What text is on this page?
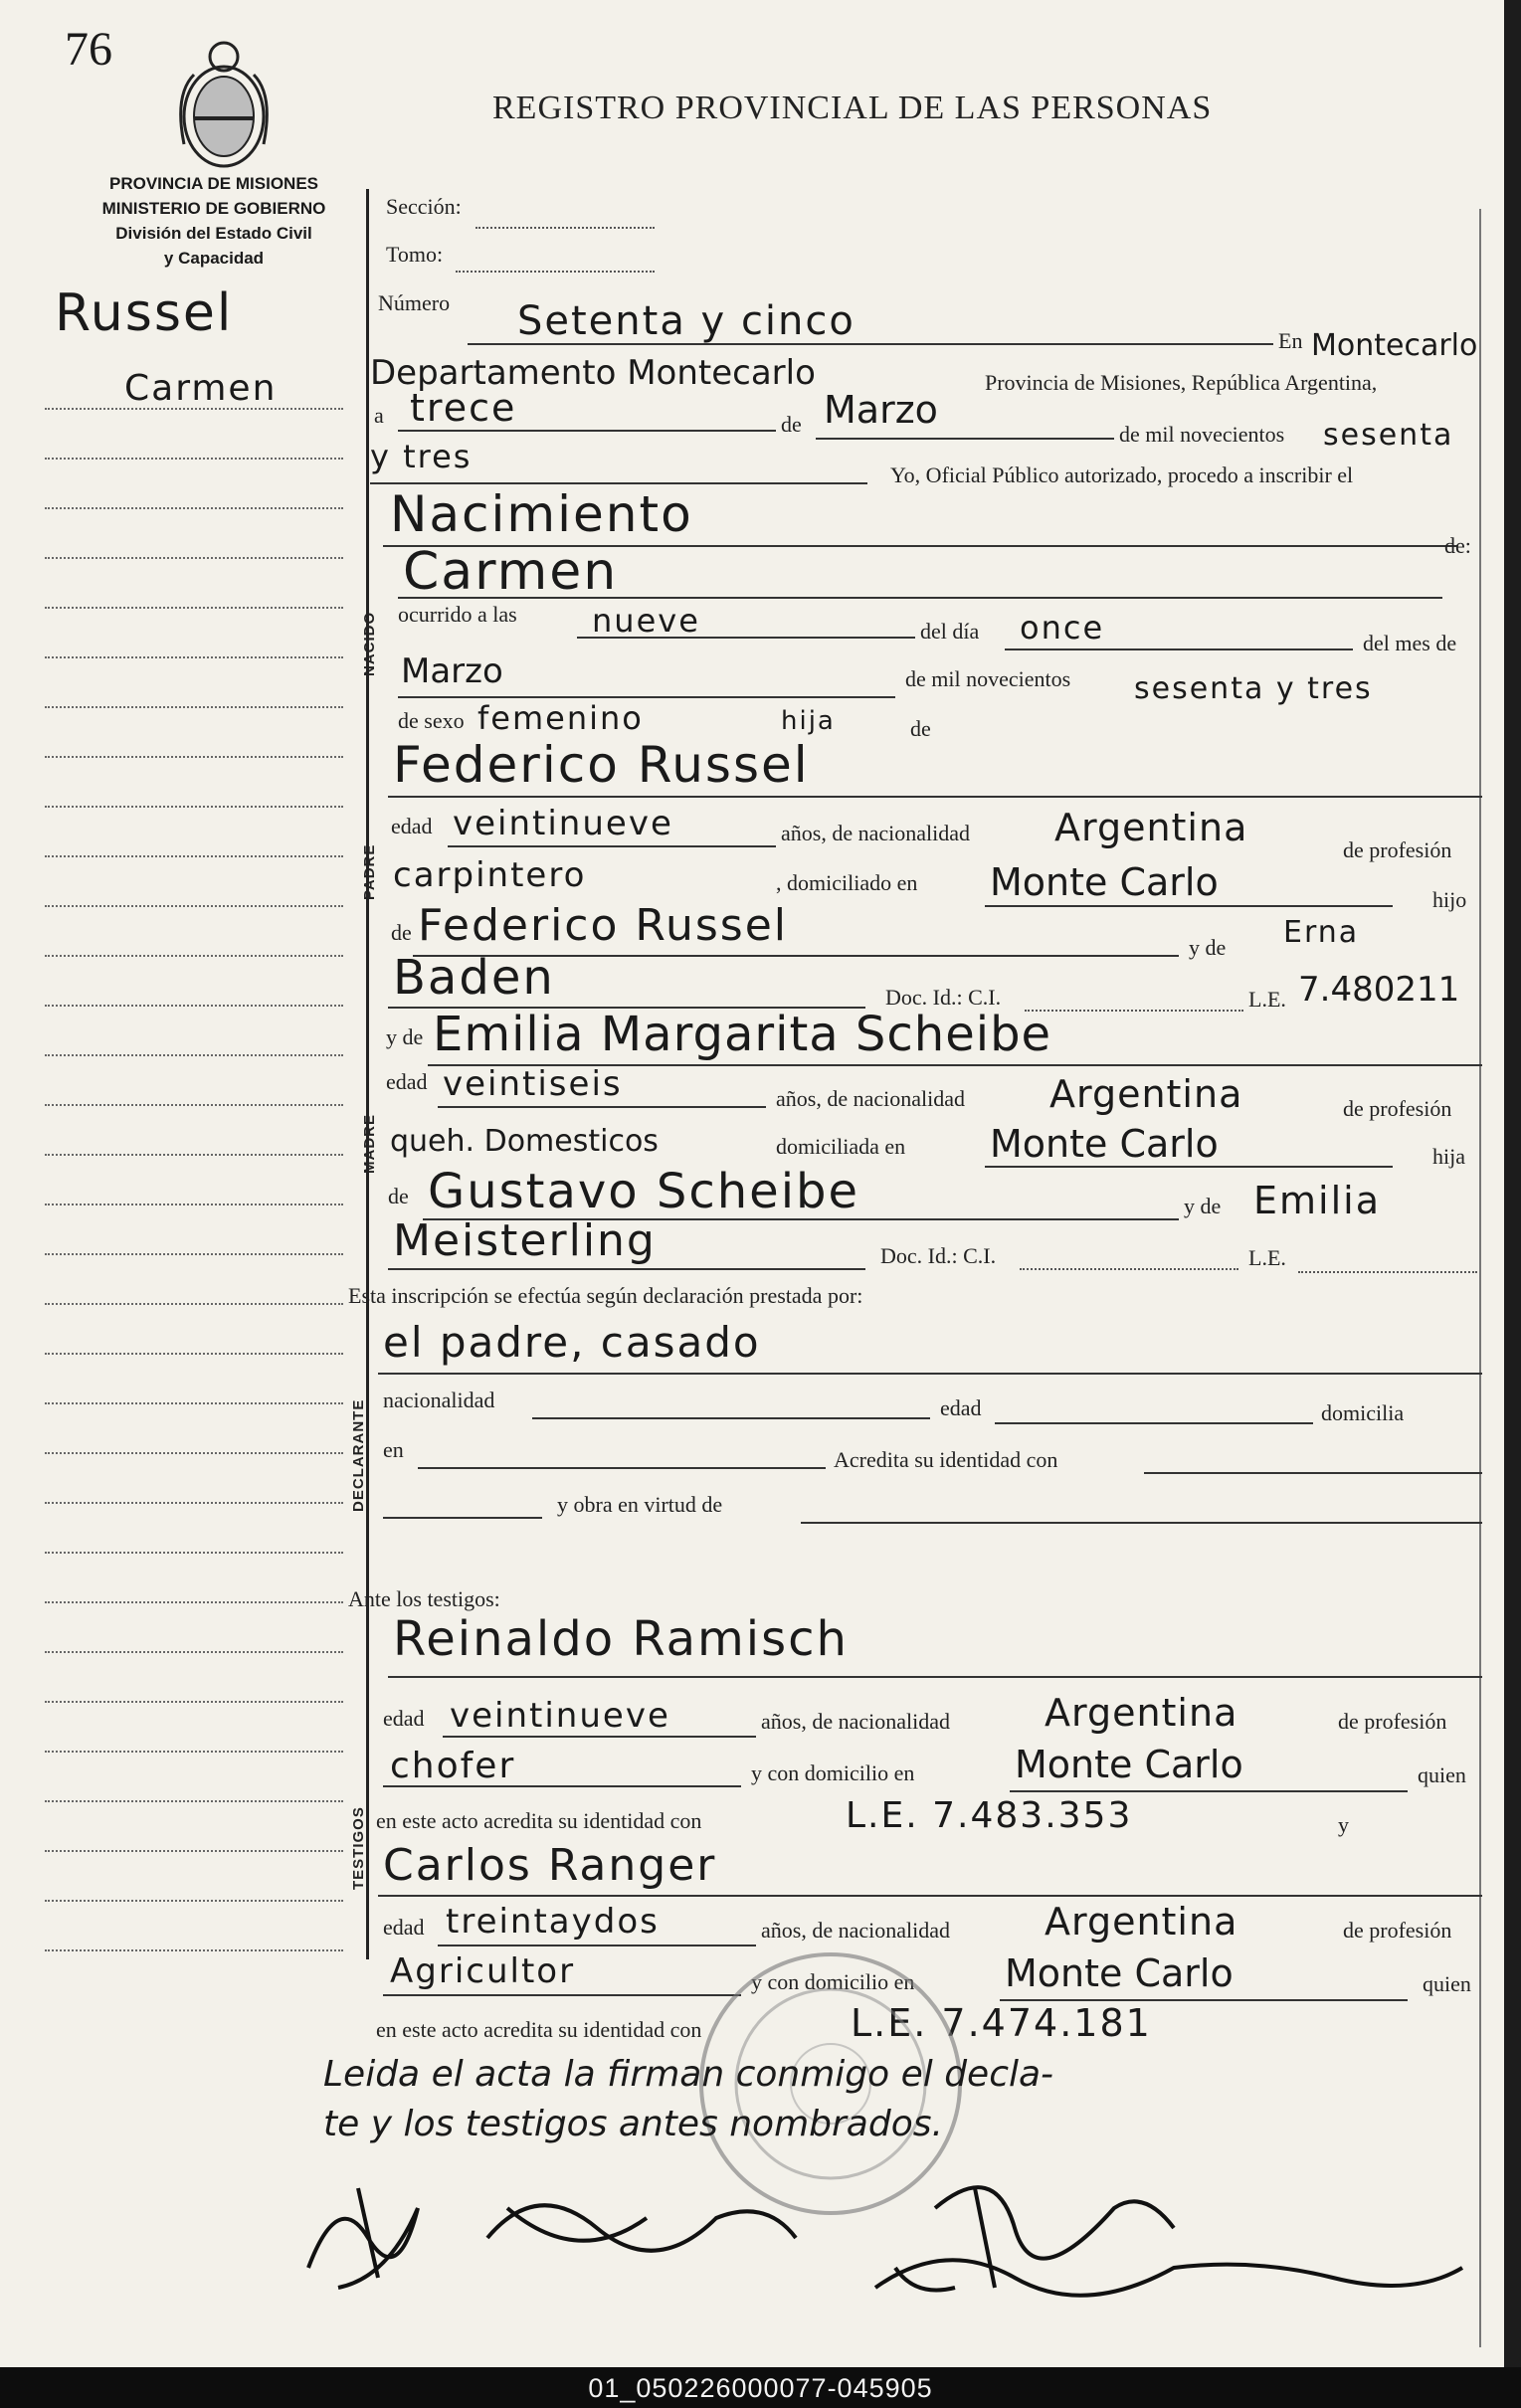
76
REGISTRO PROVINCIAL DE LAS PERSONAS
PROVINCIA DE MISIONES
MINISTERIO DE GOBIERNO
División del Estado Civil
y Capacidad
Russel
Carmen
Sección:
Tomo:
Número Setenta y cinco	En Montecarlo
Departamento Montecarlo	Provincia de Misiones, República Argentina,
a trece	de Marzo
de mil novecientos sesenta
y tres	Yo, Oficial Público autorizado, procedo a inscribir el
Nacimiento
NACIDO
Carmen	de:
ocurrido a las nueve	del día once	del mes de
Marzo	de mil novecientos sesenta y tres
de sexo femenino	hija	de
PADRE
Federico Russel
edad veintinueve	años, de nacionalidad Argentina
de profesión
carpintero	, domiciliado en Monte Carlo	hijo
de Federico Russel	y de Erna
Baden	Doc. Id.: C.I.	L.E. 7.480211
MADRE
y de Emilia Margarita Scheibe
edad veintiseis	años, de nacionalidad Argentina	de profesión
queh. Domesticos	domiciliada en Monte Carlo	hija
de Gustavo Scheibe	y de Emilia
Meisterling	Doc. Id.: C.I.	L.E.
Esta inscripción se efectúa según declaración prestada por:
DECLARANTE
el padre, casado
nacionalidad	edad	domicilia
en	Acredita su identidad con
y obra en virtud de
Ante los testigos:
TESTIGOS
Reinaldo Ramisch
edad veintinueve	años, de nacionalidad	Argentina	de profesión
chofer	y con domicilio en	Monte Carlo	quien
en este acto acredita su identidad con	L.E. 7.483.353	y
Carlos Ranger
edad treintaydos	años, de nacionalidad	Argentina	de profesión
Agricultor	y con domicilio en Monte Carlo	quien
en este acto acredita su identidad con	L.E. 7.474.181
Leida el acta la firman conmigo el decla-
te y los testigos antes nombrados.
01_050226000077-045905
